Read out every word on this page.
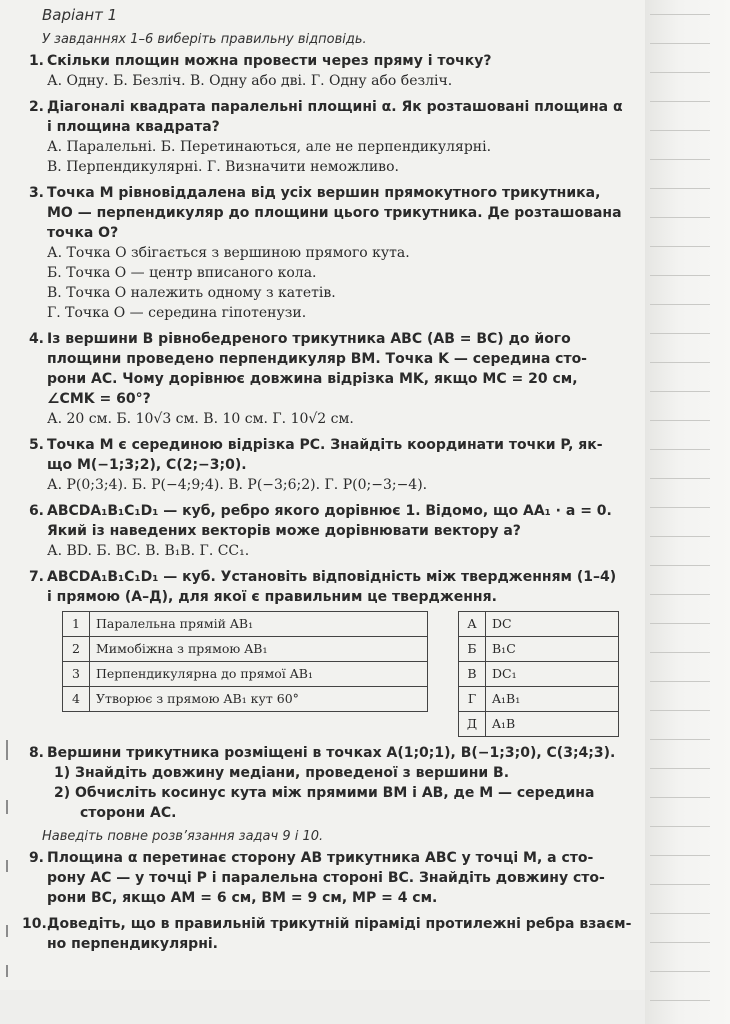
Варіант 1
У завданнях 1–6 виберіть правильну відповідь.
1. Скільки площин можна провести через пряму і точку?
А. Одну. Б. Безліч. В. Одну або дві. Г. Одну або безліч.
2. Діагоналі квадрата паралельні площині α. Як розташовані площина α
і площина квадрата?
А. Паралельні. Б. Перетинаються, але не перпендикулярні.
В. Перпендикулярні. Г. Визначити неможливо.
3. Точка M рівновіддалена від усіх вершин прямокутного трикутника,
MO — перпендикуляр до площини цього трикутника. Де розташована
точка O?
А. Точка O збігається з вершиною прямого кута.
Б. Точка O — центр вписаного кола.
В. Точка O належить одному з катетів.
Г. Точка O — середина гіпотенузи.
4. Із вершини B рівнобедреного трикутника ABC (AB = BC) до його
площини проведено перпендикуляр BM. Точка K — середина сто-
рони AC. Чому дорівнює довжина відрізка MK, якщо MC = 20 см,
∠CMK = 60°?
А. 20 см. Б. 10√3 см. В. 10 см. Г. 10√2 см.
5. Точка M є серединою відрізка PC. Знайдіть координати точки P, як-
що M(−1;3;2), C(2;−3;0).
А. P(0;3;4). Б. P(−4;9;4). В. P(−3;6;2). Г. P(0;−3;−4).
6. ABCDA₁B₁C₁D₁ — куб, ребро якого дорівнює 1. Відомо, що AA₁ · a = 0.
Який із наведених векторів може дорівнювати вектору a?
А. BD. Б. BC. В. B₁B. Г. CC₁.
7. ABCDA₁B₁C₁D₁ — куб. Установіть відповідність між твердженням (1–4)
і прямою (А–Д), для якої є правильним це твердження.
1	Паралельна прямій AB₁		А	DC
2	Мимобіжна з прямою AB₁		Б	B₁C
3	Перпендикулярна до прямої AB₁		В	DC₁
4	Утворює з прямою AB₁ кут 60°		Г	A₁B₁
			Д	A₁B
8. Вершини трикутника розміщені в точках A(1;0;1), B(−1;3;0), C(3;4;3).
1) Знайдіть довжину медіани, проведеної з вершини B.
2) Обчисліть косинус кута між прямими BM і AB, де M — середина
сторони AC.
Наведіть повне розв’язання задач 9 і 10.
9. Площина α перетинає сторону AB трикутника ABC у точці M, а сто-
рону AC — у точці P і паралельна стороні BC. Знайдіть довжину сто-
рони BC, якщо AM = 6 см, BM = 9 см, MP = 4 см.
10.Доведіть, що в правильній трикутній піраміді протилежні ребра взаєм-
но перпендикулярні.
